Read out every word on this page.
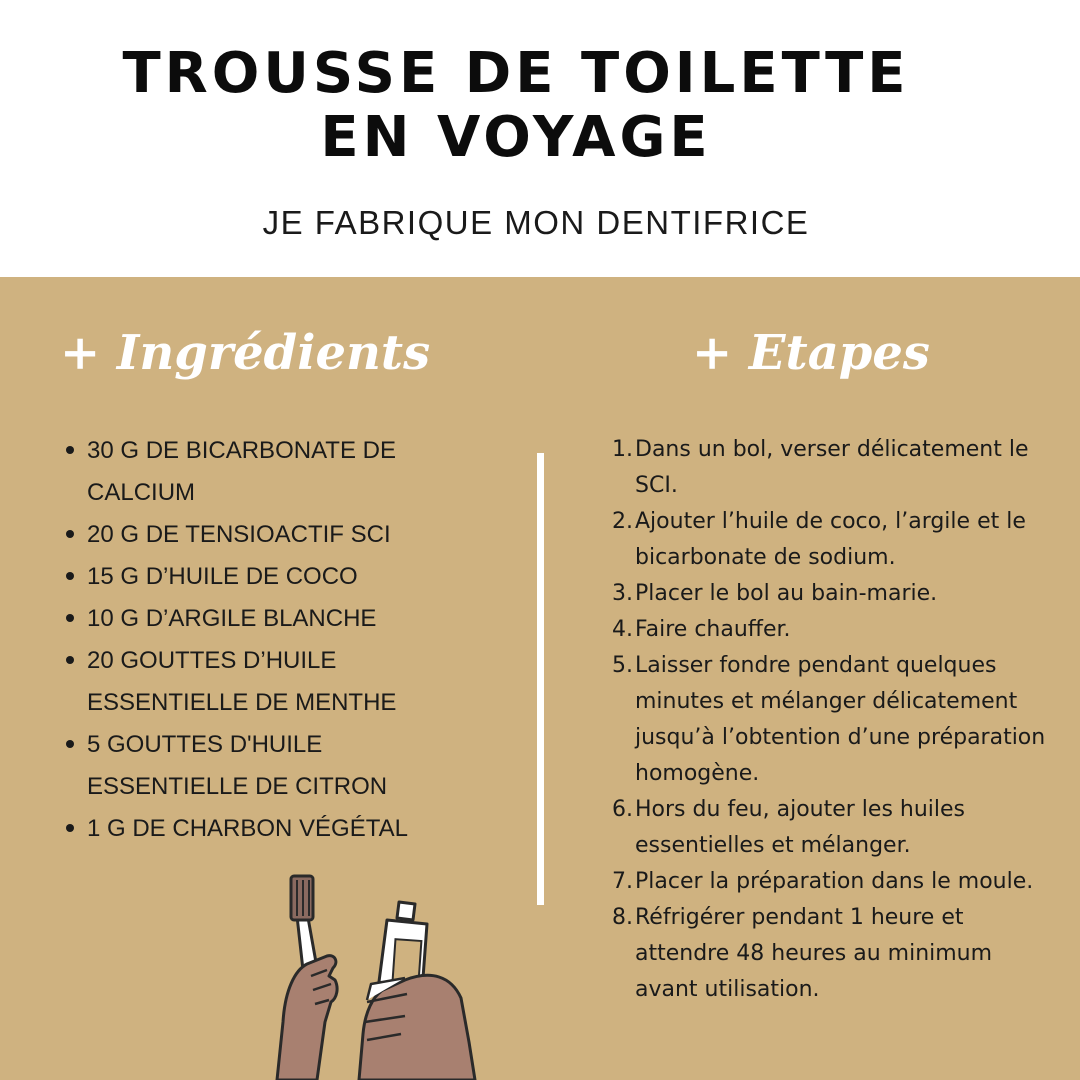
TROUSSE DE TOILETTE
EN VOYAGE

JE FABRIQUE MON DENTIFRICE

+ Ingrédients	+ Etapes
30 G DE BICARBONATE DE CALCIUM
20 G DE TENSIOACTIF SCI
15 G D’HUILE DE COCO
10 G D’ARGILE BLANCHE
20 GOUTTES D’HUILE ESSENTIELLE DE MENTHE
5 GOUTTES D'HUILE ESSENTIELLE DE CITRON
1 G DE CHARBON VÉGÉTAL
1. Dans un bol, verser délicatement le SCI.
2. Ajouter l’huile de coco, l’argile et le bicarbonate de sodium.
3. Placer le bol au bain-marie.
4. Faire chauffer.
5. Laisser fondre pendant quelques minutes et mélanger délicatement jusqu’à l’obtention d’une préparation homogène.
6. Hors du feu, ajouter les huiles essentielles et mélanger.
7. Placer la préparation dans le moule.
8. Réfrigérer pendant 1 heure et attendre 48 heures au minimum avant utilisation.
